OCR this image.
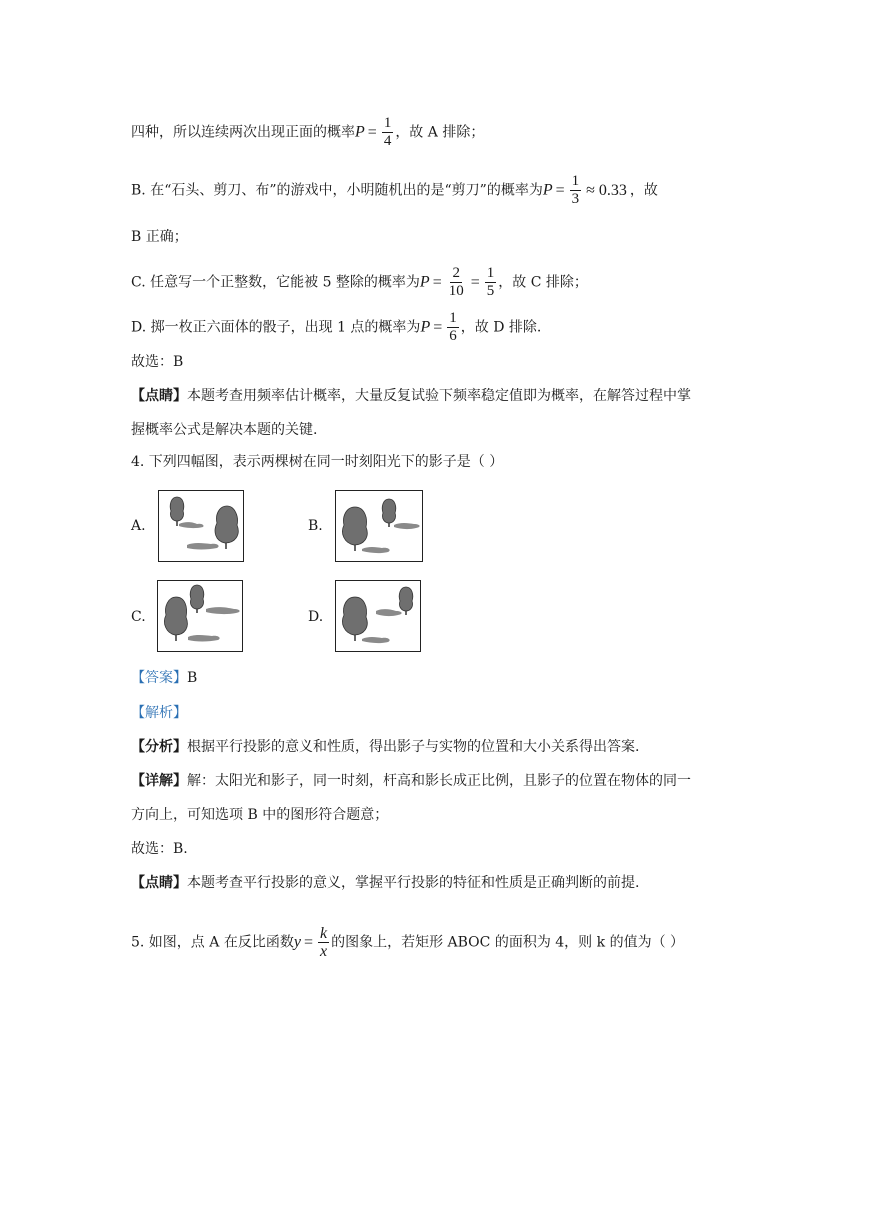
四种，所以连续两次出现正面的概率$P = \frac{1}{4}$ ，故 A 排除；
B. 在“石头、剪刀、布”的游戏中，小明随机出的是“剪刀”的概率为$P = \frac{1}{3} \approx 0.33$ ，故
B 正确；
C. 任意写一个正整数，它能被 5 整除的概率为$P = \frac{2}{10} = \frac{1}{5}$ ，故 C 排除；
D. 掷一枚正六面体的骰子，出现 1 点的概率为$P = \frac{1}{6}$ ，故 D 排除.
故选：B
【点睛】本题考查用频率估计概率，大量反复试验下频率稳定值即为概率，在解答过程中掌
握概率公式是解决本题的关键.
4. 下列四幅图，表示两棵树在同一时刻阳光下的影子是（ ）
A.	B.
C.	D.
【答案】B
【解析】
【分析】根据平行投影的意义和性质，得出影子与实物的位置和大小关系得出答案.
【详解】解：太阳光和影子，同一时刻，杆高和影长成正比例，且影子的位置在物体的同一
方向上，可知选项 B 中的图形符合题意；
故选：B.
【点睛】本题考查平行投影的意义，掌握平行投影的特征和性质是正确判断的前提.
5. 如图，点 A 在反比函数$y = \frac{k}{x}$ 的图象上，若矩形 ABOC 的面积为 4，则 k 的值为（ ）
